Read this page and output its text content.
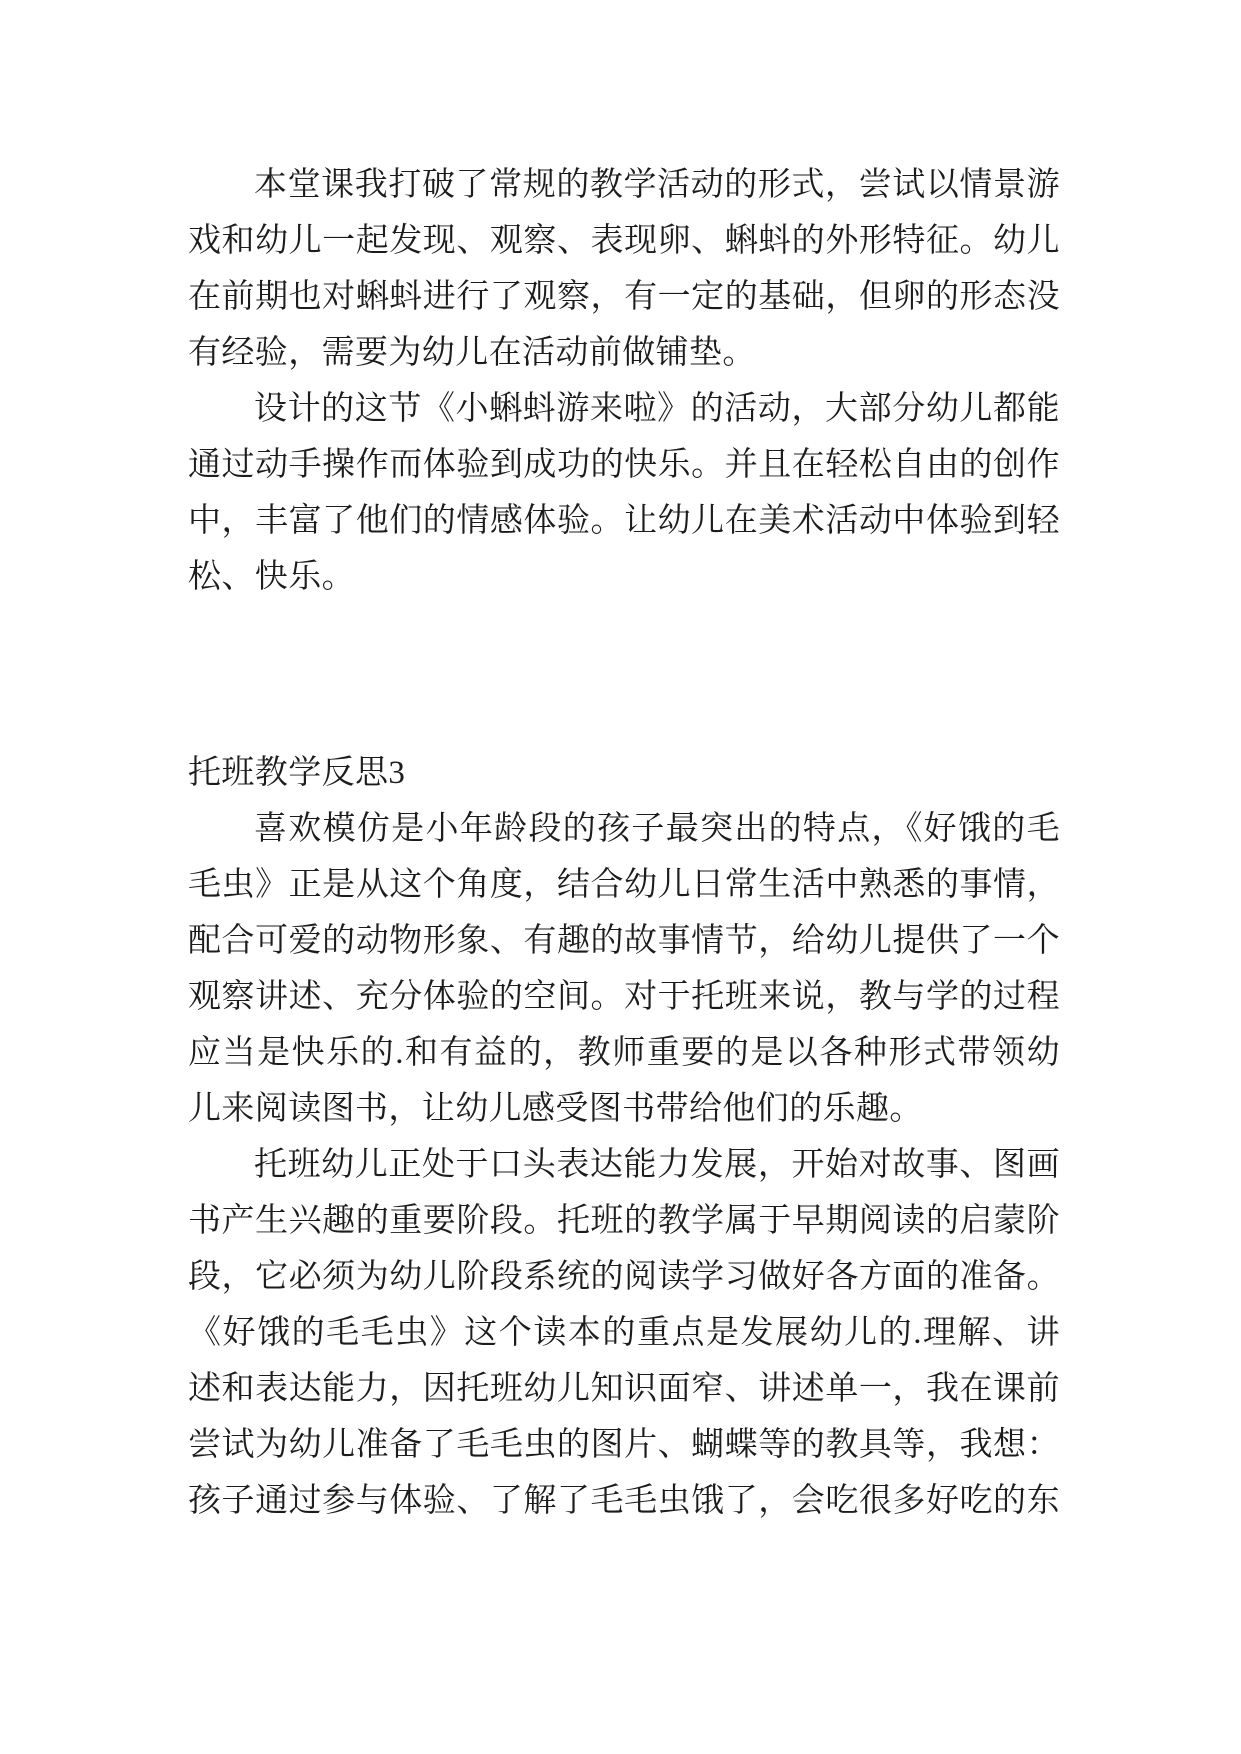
本堂课我打破了常规的教学活动的形式，尝试以情景游
戏和幼儿一起发现、观察、表现卵、蝌蚪的外形特征。幼儿
在前期也对蝌蚪进行了观察，有一定的基础，但卵的形态没
有经验，需要为幼儿在活动前做铺垫。
设计的这节《小蝌蚪游来啦》的活动，大部分幼儿都能
通过动手操作而体验到成功的快乐。并且在轻松自由的创作
中，丰富了他们的情感体验。让幼儿在美术活动中体验到轻
松、快乐。
托班教学反思3
喜欢模仿是小年龄段的孩子最突出的特点，《好饿的毛
毛虫》正是从这个角度，结合幼儿日常生活中熟悉的事情，
配合可爱的动物形象、有趣的故事情节，给幼儿提供了一个
观察讲述、充分体验的空间。对于托班来说，教与学的过程
应当是快乐的.和有益的，教师重要的是以各种形式带领幼
儿来阅读图书，让幼儿感受图书带给他们的乐趣。
托班幼儿正处于口头表达能力发展，开始对故事、图画
书产生兴趣的重要阶段。托班的教学属于早期阅读的启蒙阶
段，它必须为幼儿阶段系统的阅读学习做好各方面的准备。
《好饿的毛毛虫》这个读本的重点是发展幼儿的.理解、讲
述和表达能力，因托班幼儿知识面窄、讲述单一，我在课前
尝试为幼儿准备了毛毛虫的图片、蝴蝶等的教具等，我想：
孩子通过参与体验、了解了毛毛虫饿了，会吃很多好吃的东
